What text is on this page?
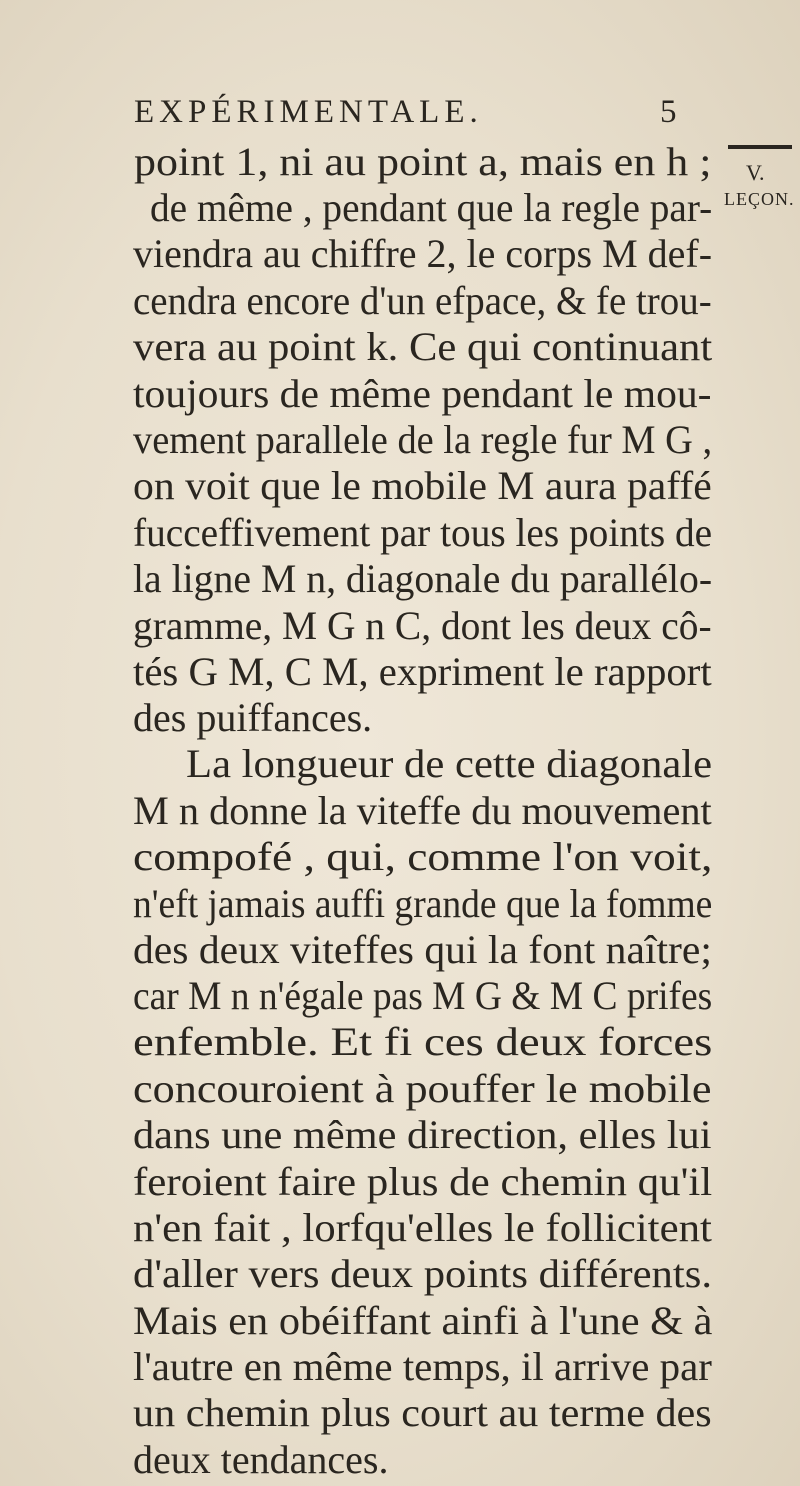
EXPÉRIMENTALE.	5
V.
LEÇON.
point 1, ni au point a, mais en h ;
de même , pendant que la regle par-
viendra au chiffre 2, le corps M def-
cendra encore d'un efpace, & fe trou-
vera au point k. Ce qui continuant
toujours de même pendant le mou-
vement parallele de la regle fur M G ,
on voit que le mobile M aura paffé
fucceffivement par tous les points de
la ligne M n, diagonale du parallélo-
gramme, M G n C, dont les deux cô-
tés G M, C M, expriment le rapport
des puiffances.
La longueur de cette diagonale
M n donne la viteffe du mouvement
compofé , qui, comme l'on voit,
n'eft jamais auffi grande que la fomme
des deux viteffes qui la font naître;
car M n n'égale pas M G & M C prifes
enfemble. Et fi ces deux forces
concouroient à pouffer le mobile
dans une même direction, elles lui
feroient faire plus de chemin qu'il
n'en fait , lorfqu'elles le follicitent
d'aller vers deux points différents.
Mais en obéiffant ainfi à l'une & à
l'autre en même temps, il arrive par
un chemin plus court au terme des
deux tendances.
